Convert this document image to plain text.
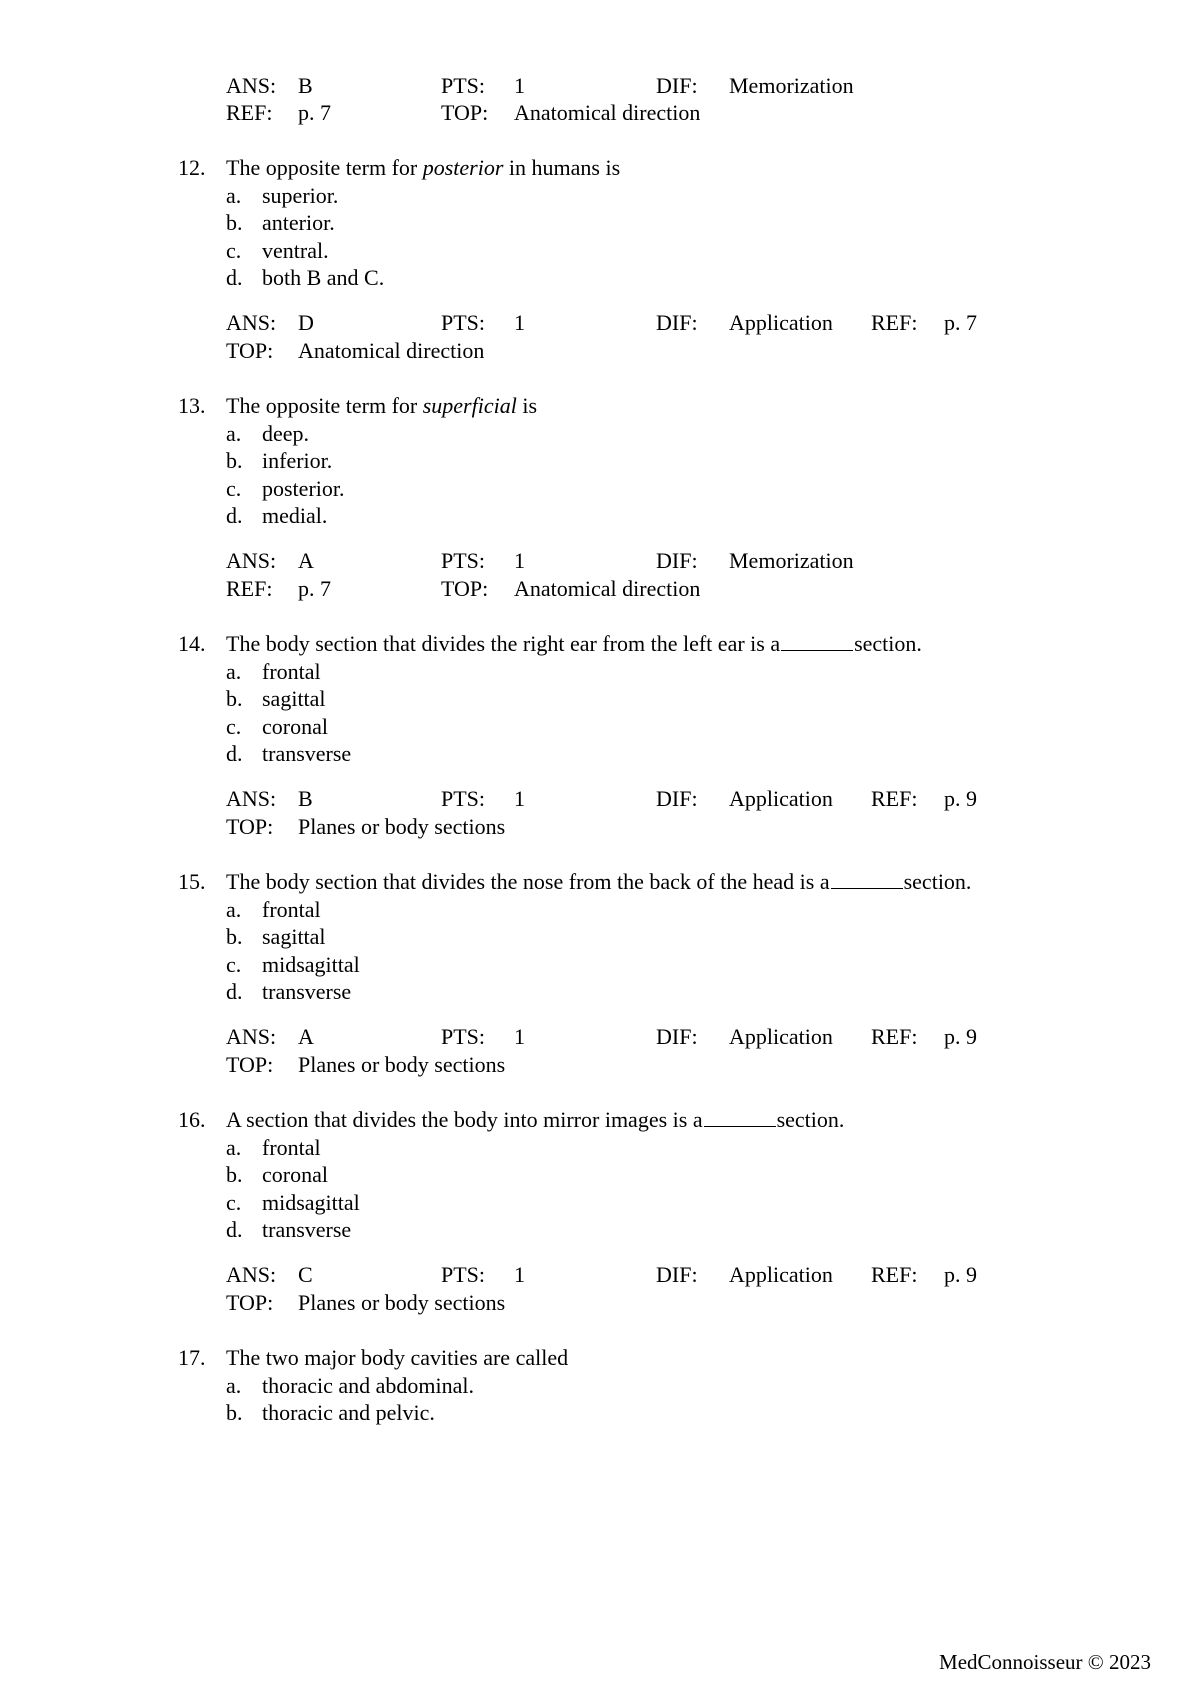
ANS: B	PTS: 1	DIF: Memorization
REF: p. 7	TOP: Anatomical direction
12. The opposite term for posterior in humans is
a. superior.
b. anterior.
c. ventral.
d. both B and C.
ANS: D	PTS: 1	DIF: Application REF: p. 7
TOP: Anatomical direction
13. The opposite term for superficial is
a. deep.
b. inferior.
c. posterior.
d. medial.
ANS: A	PTS: 1	DIF: Memorization
REF: p. 7	TOP: Anatomical direction
14. The body section that divides the right ear from the left ear is a	section.
a. frontal
b. sagittal
c. coronal
d. transverse
ANS: B	PTS: 1	DIF: Application REF: p. 9
TOP: Planes or body sections
15. The body section that divides the nose from the back of the head is a	section.
a. frontal
b. sagittal
c. midsagittal
d. transverse
ANS: A	PTS: 1	DIF: Application REF: p. 9
TOP: Planes or body sections
16. A section that divides the body into mirror images is a	section.
a. frontal
b. coronal
c. midsagittal
d. transverse
ANS: C	PTS: 1	DIF: Application REF: p. 9
TOP: Planes or body sections
17. The two major body cavities are called
a. thoracic and abdominal.
b. thoracic and pelvic.
MedConnoisseur © 2023
